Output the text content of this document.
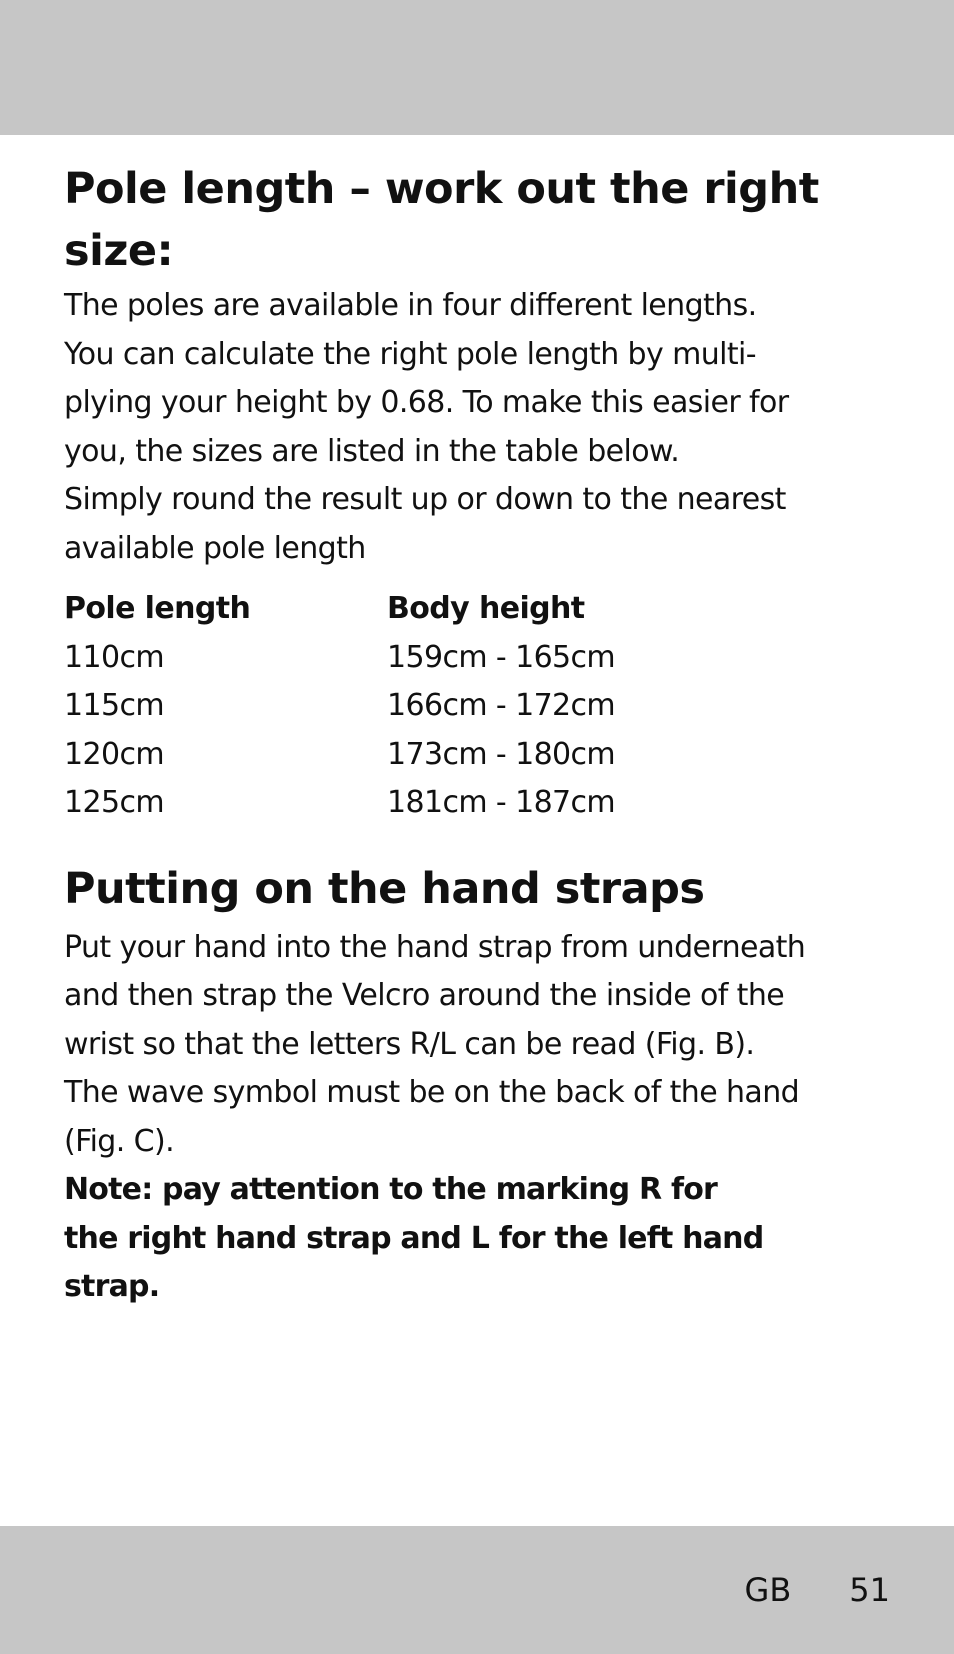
Pole length – work out the right
size:

The poles are available in four different lengths.
You can calculate the right pole length by multi-
plying your height by 0.68. To make this easier for
you, the sizes are listed in the table below.
Simply round the result up or down to the nearest
available pole length

Pole length	Body height
110cm	159cm - 165cm
115cm	166cm - 172cm
120cm	173cm - 180cm
125cm	181cm - 187cm
Putting on the hand straps

Put your hand into the hand strap from underneath
and then strap the Velcro around the inside of the
wrist so that the letters R/L can be read (Fig. B).
The wave symbol must be on the back of the hand
(Fig. C).

Note: pay attention to the marking R for
the right hand strap and L for the left hand
strap.

GB 51
